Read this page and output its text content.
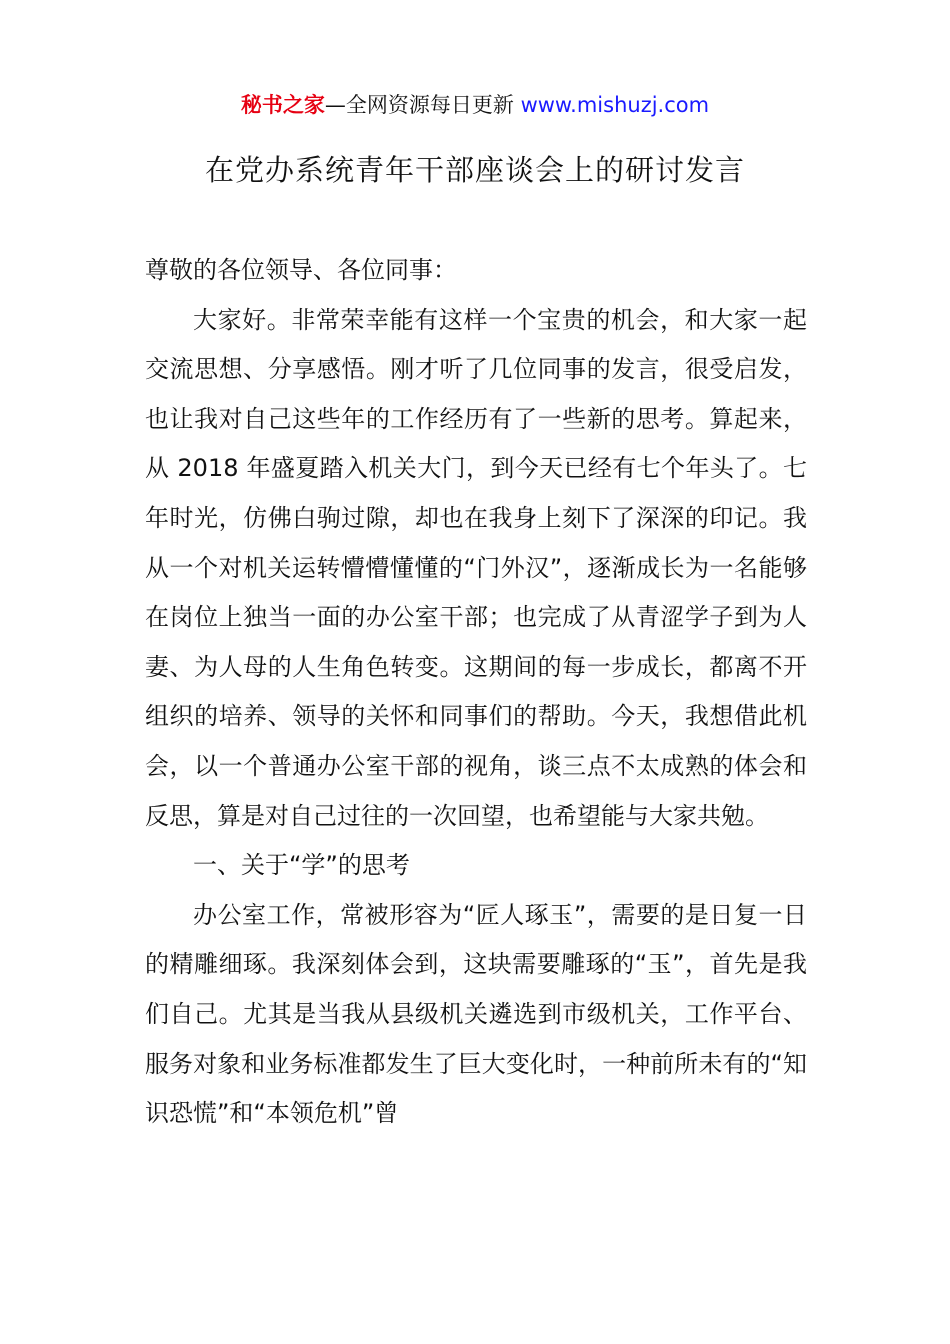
秘书之家—全网资源每日更新 www.mishuzj.com
在党办系统青年干部座谈会上的研讨发言

尊敬的各位领导、各位同事：

大家好。非常荣幸能有这样一个宝贵的机会，和大家一起交流思想、分享感悟。刚才听了几位同事的发言，很受启发，也让我对自己这些年的工作经历有了一些新的思考。算起来，从 2018 年盛夏踏入机关大门，到今天已经有七个年头了。七年时光，仿佛白驹过隙，却也在我身上刻下了深深的印记。我从一个对机关运转懵懵懂懂的“门外汉”，逐渐成长为一名能够在岗位上独当一面的办公室干部；也完成了从青涩学子到为人妻、为人母的人生角色转变。这期间的每一步成长，都离不开组织的培养、领导的关怀和同事们的帮助。今天，我想借此机会，以一个普通办公室干部的视角，谈三点不太成熟的体会和反思，算是对自己过往的一次回望，也希望能与大家共勉。

一、关于“学”的思考

办公室工作，常被形容为“匠人琢玉”，需要的是日复一日的精雕细琢。我深刻体会到，这块需要雕琢的“玉”，首先是我们自己。尤其是当我从县级机关遴选到市级机关，工作平台、服务对象和业务标准都发生了巨大变化时，一种前所未有的“知识恐慌”和“本领危机”曾
